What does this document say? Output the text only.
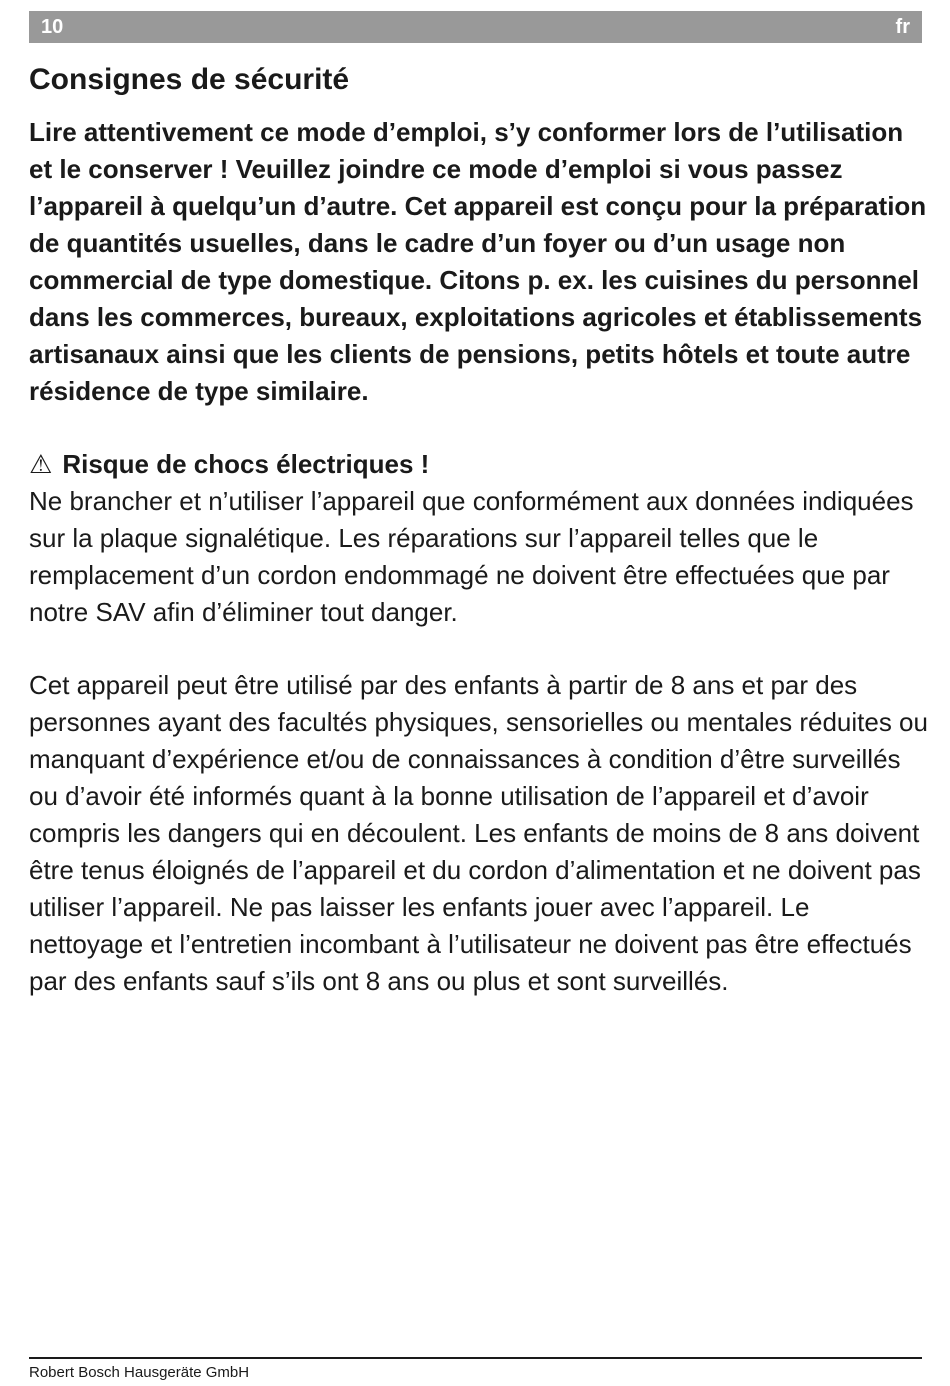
10	fr
Consignes de sécurité

Lire attentivement ce mode d’emploi, s’y conformer lors de l’utilisation et le conserver ! Veuillez joindre ce mode d’emploi si vous passez l’appareil à quelqu’un d’autre. Cet appareil est conçu pour la préparation de quantités usuelles, dans le cadre d’un foyer ou d’un usage non commercial de type domestique. Citons p. ex. les cuisines du personnel dans les commerces, bureaux, exploitations agricoles et établissements artisanaux ainsi que les clients de pensions, petits hôtels et toute autre résidence de type similaire.

⚠ Risque de chocs électriques !

Ne brancher et n’utiliser l’appareil que conformément aux données indiquées sur la plaque signalétique. Les réparations sur l’appareil telles que le remplacement d’un cordon endommagé ne doivent être effectuées que par notre SAV afin d’éliminer tout danger.

Cet appareil peut être utilisé par des enfants à partir de 8 ans et par des personnes ayant des facultés physiques, sensorielles ou mentales réduites ou manquant d’expérience et/ou de connaissances à condition d’être surveillés ou d’avoir été informés quant à la bonne utilisation de l’appareil et d’avoir compris les dangers qui en découlent. Les enfants de moins de 8 ans doivent être tenus éloignés de l’appareil et du cordon d’alimentation et ne doivent pas utiliser l’appareil. Ne pas laisser les enfants jouer avec l’appareil. Le nettoyage et l’entretien incombant à l’utilisateur ne doivent pas être effectués par des enfants sauf s’ils ont 8 ans ou plus et sont surveillés.

Robert Bosch Hausgeräte GmbH
